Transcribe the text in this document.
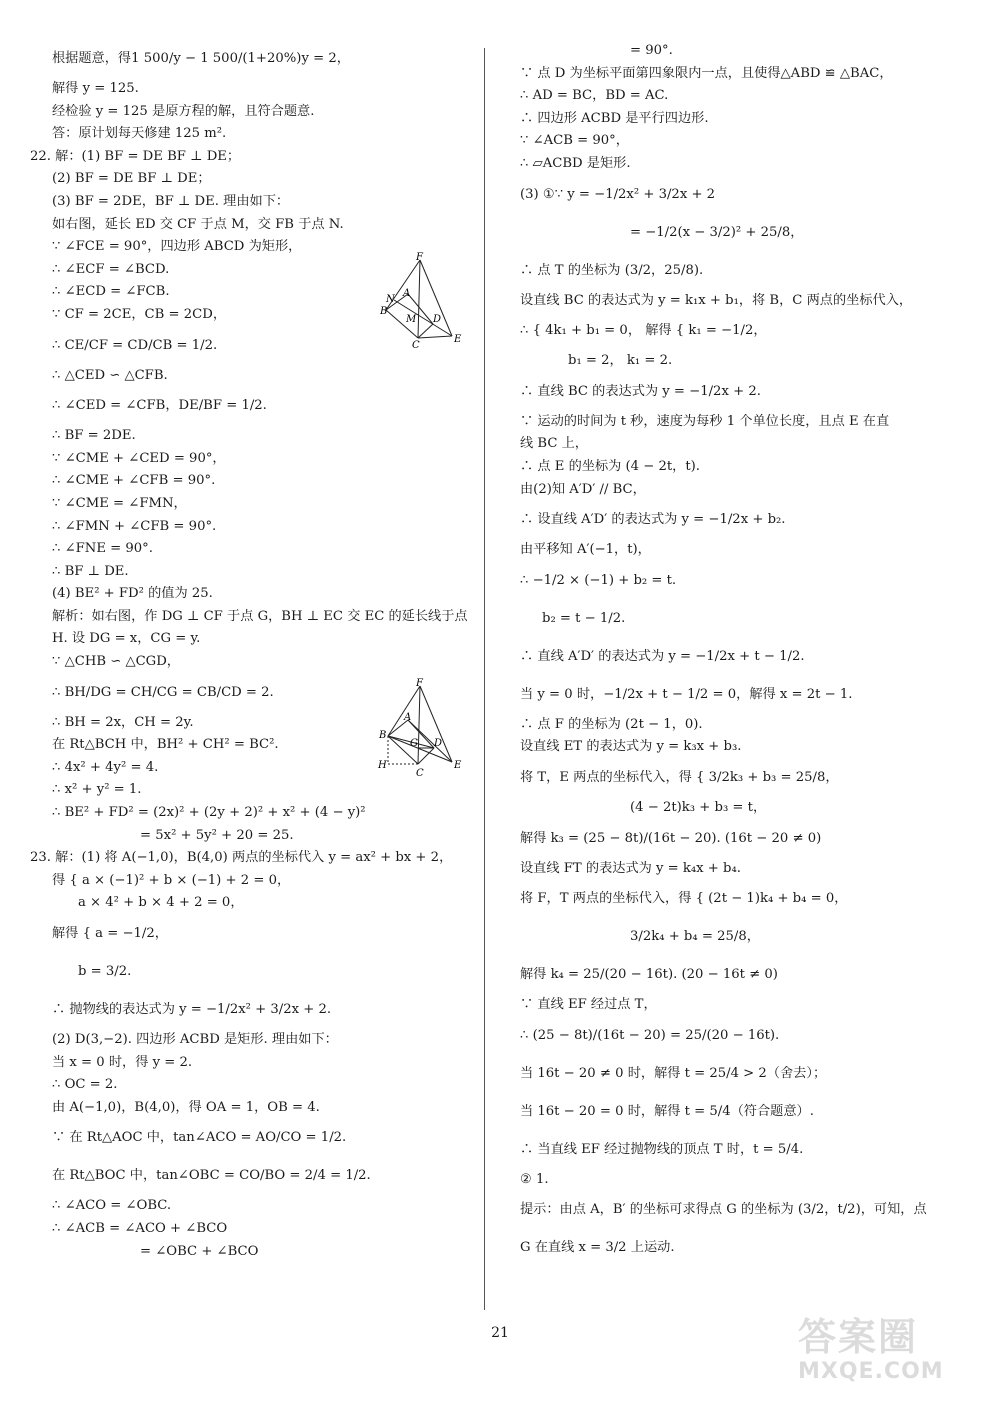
根据题意，得1 500/y − 1 500/(1+20%)y = 2，
解得 y = 125.
经检验 y = 125 是原方程的解，且符合题意.
答：原计划每天修建 125 m².
22. 解：(1) BF = DE BF ⊥ DE；
(2) BF = DE BF ⊥ DE；
(3) BF = 2DE，BF ⊥ DE. 理由如下：
如右图，延长 ED 交 CF 于点 M，交 FB 于点 N.
∵ ∠FCE = 90°，四边形 ABCD 为矩形，
∴ ∠ECF = ∠BCD.
∴ ∠ECD = ∠FCB.
∵ CF = 2CE，CB = 2CD，
∴ CE/CF = CD/CB = 1/2.
∴ △CED ∽ △CFB.
∴ ∠CED = ∠CFB，DE/BF = 1/2.
∴ BF = 2DE.
∵ ∠CME + ∠CED = 90°，
∴ ∠CME + ∠CFB = 90°.
∵ ∠CME = ∠FMN，
∴ ∠FMN + ∠CFB = 90°.
∴ ∠FNE = 90°.
∴ BF ⊥ DE.
(4) BE² + FD² 的值为 25.
解析：如右图，作 DG ⊥ CF 于点 G，BH ⊥ EC 交 EC 的延长线于点
H. 设 DG = x，CG = y.
∵ △CHB ∽ △CGD，
∴ BH/DG = CH/CG = CB/CD = 2.
∴ BH = 2x，CH = 2y.
在 Rt△BCH 中，BH² + CH² = BC².
∴ 4x² + 4y² = 4.
∴ x² + y² = 1.
∴ BE² + FD² = (2x)² + (2y + 2)² + x² + (4 − y)²
= 5x² + 5y² + 20 = 25.
23. 解：(1) 将 A(−1,0)，B(4,0) 两点的坐标代入 y = ax² + bx + 2，
得 { a × (−1)² + b × (−1) + 2 = 0，
a × 4² + b × 4 + 2 = 0，
解得 { a = −1/2，
b = 3/2.
∴ 抛物线的表达式为 y = −1/2x² + 3/2x + 2.
(2) D(3,−2). 四边形 ACBD 是矩形. 理由如下：
当 x = 0 时，得 y = 2.
∴ OC = 2.
由 A(−1,0)，B(4,0)，得 OA = 1，OB = 4.
∵ 在 Rt△AOC 中，tan∠ACO = AO/CO = 1/2.
在 Rt△BOC 中，tan∠OBC = CO/BO = 2/4 = 1/2.
∴ ∠ACO = ∠OBC.
∴ ∠ACB = ∠ACO + ∠BCO
= ∠OBC + ∠BCO
= 90°.
∵ 点 D 为坐标平面第四象限内一点，且使得△ABD ≌ △BAC，
∴ AD = BC，BD = AC.
∴ 四边形 ACBD 是平行四边形.
∵ ∠ACB = 90°，
∴ ▱ACBD 是矩形.
(3) ①∵ y = −1/2x² + 3/2x + 2
= −1/2(x − 3/2)² + 25/8，
∴ 点 T 的坐标为 (3/2，25/8).
设直线 BC 的表达式为 y = k₁x + b₁，将 B，C 两点的坐标代入，
∴ { 4k₁ + b₁ = 0， 解得 { k₁ = −1/2，
b₁ = 2， k₁ = 2.
∴ 直线 BC 的表达式为 y = −1/2x + 2.
∵ 运动的时间为 t 秒，速度为每秒 1 个单位长度，且点 E 在直
线 BC 上，
∴ 点 E 的坐标为 (4 − 2t，t).
由(2)知 A′D′ // BC，
∴ 设直线 A′D′ 的表达式为 y = −1/2x + b₂.
由平移知 A′(−1，t)，
∴ −1/2 × (−1) + b₂ = t.
b₂ = t − 1/2.
∴ 直线 A′D′ 的表达式为 y = −1/2x + t − 1/2.
当 y = 0 时，−1/2x + t − 1/2 = 0，解得 x = 2t − 1.
∴ 点 F 的坐标为 (2t − 1，0).
设直线 ET 的表达式为 y = k₃x + b₃.
将 T，E 两点的坐标代入，得 { 3/2k₃ + b₃ = 25/8，
(4 − 2t)k₃ + b₃ = t，
解得 k₃ = (25 − 8t)/(16t − 20). (16t − 20 ≠ 0)
设直线 FT 的表达式为 y = k₄x + b₄.
将 F，T 两点的坐标代入，得 { (2t − 1)k₄ + b₄ = 0，
3/2k₄ + b₄ = 25/8，
解得 k₄ = 25/(20 − 16t). (20 − 16t ≠ 0)
∵ 直线 EF 经过点 T，
∴ (25 − 8t)/(16t − 20) = 25/(20 − 16t).
当 16t − 20 ≠ 0 时，解得 t = 25/4 > 2（舍去）；
当 16t − 20 = 0 时，解得 t = 5/4（符合题意）.
∴ 当直线 EF 经过抛物线的顶点 T 时，t = 5/4.
② 1.
提示：由点 A，B′ 的坐标可求得点 G 的坐标为 (3/2，t/2)，可知，点
G 在直线 x = 3/2 上运动.
F
N
A
B
M D
C
E
F
A
B
G D
H
C
E
21	答案圈
MXQE.COM
